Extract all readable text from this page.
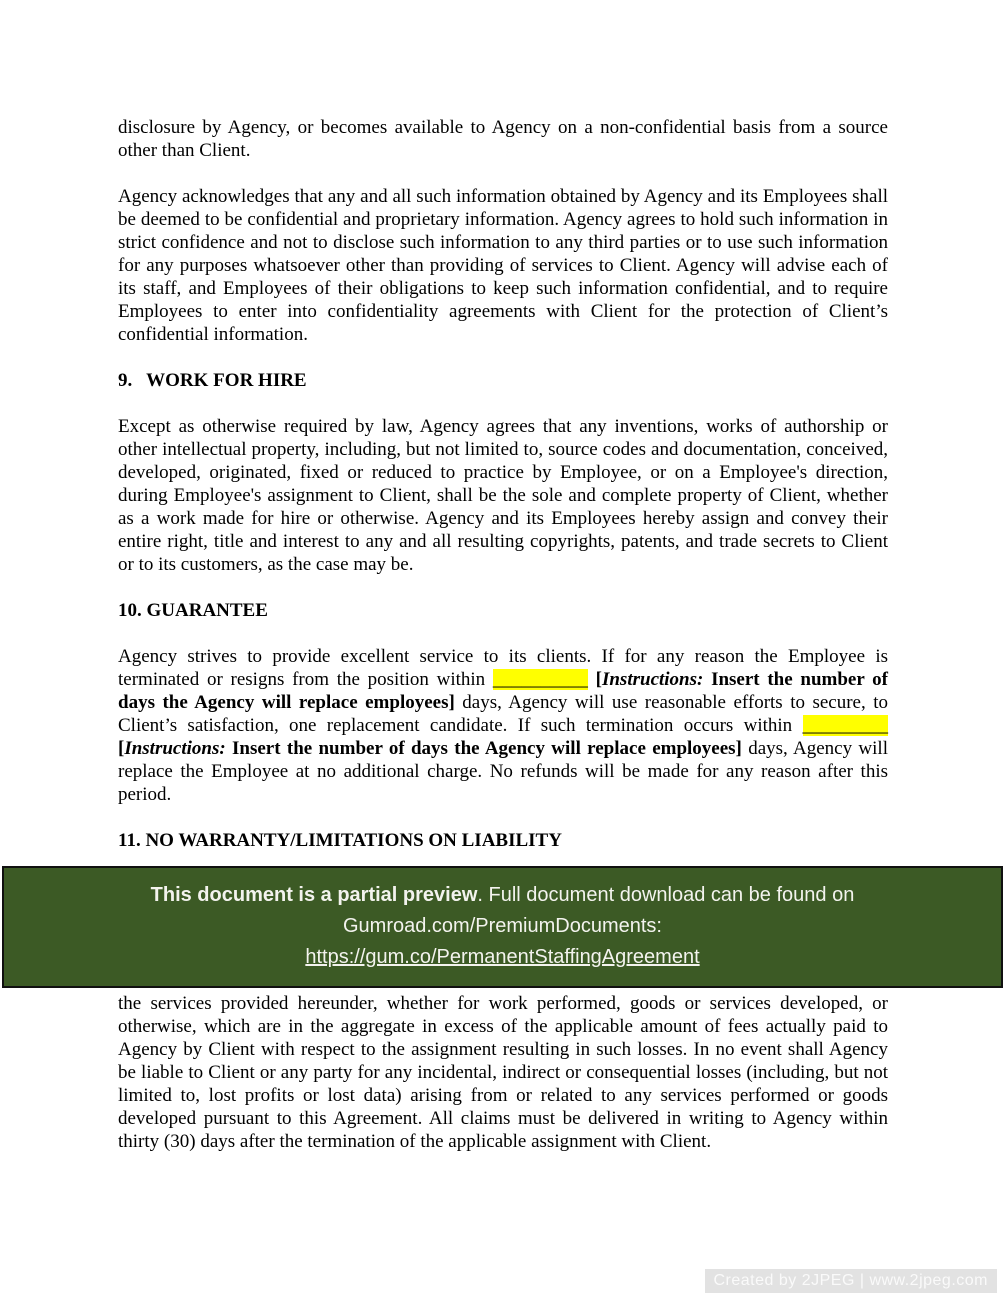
disclosure by Agency, or becomes available to Agency on a non-confidential basis from a source other than Client.

Agency acknowledges that any and all such information obtained by Agency and its Employees shall be deemed to be confidential and proprietary information. Agency agrees to hold such information in strict confidence and not to disclose such information to any third parties or to use such information for any purposes whatsoever other than providing of services to Client. Agency will advise each of its staff, and Employees of their obligations to keep such information confidential, and to require Employees to enter into confidentiality agreements with Client for the protection of Client’s confidential information.

9.   WORK FOR HIRE

Except as otherwise required by law, Agency agrees that any inventions, works of authorship or other intellectual property, including, but not limited to, source codes and documentation, conceived, developed, originated, fixed or reduced to practice by Employee, or on a Employee's direction, during Employee's assignment to Client, shall be the sole and complete property of Client, whether as a work made for hire or otherwise. Agency and its Employees hereby assign and convey their entire right, title and interest to any and all resulting copyrights, patents, and trade secrets to Client or to its customers, as the case may be.

10. GUARANTEE

Agency strives to provide excellent service to its clients. If for any reason the Employee is terminated or resigns from the position within __________ [Instructions: Insert the number of days the Agency will replace employees] days, Agency will use reasonable efforts to secure, to Client’s satisfaction, one replacement candidate. If such termination occurs within _________ [Instructions: Insert the number of days the Agency will replace employees] days, Agency will replace the Employee at no additional charge. No refunds will be made for any reason after this period.

11. NO WARRANTY/LIMITATIONS ON LIABILITY
This document is a partial preview. Full document download can be found on
Gumroad.com/PremiumDocuments:
https://gum.co/PermanentStaffingAgreement

the services provided hereunder, whether for work performed, goods or services developed, or otherwise, which are in the aggregate in excess of the applicable amount of fees actually paid to Agency by Client with respect to the assignment resulting in such losses. In no event shall Agency be liable to Client or any party for any incidental, indirect or consequential losses (including, but not limited to, lost profits or lost data) arising from or related to any services performed or goods developed pursuant to this Agreement. All claims must be delivered in writing to Agency within thirty (30) days after the termination of the applicable assignment with Client.

Created by 2JPEG | www.2jpeg.com
